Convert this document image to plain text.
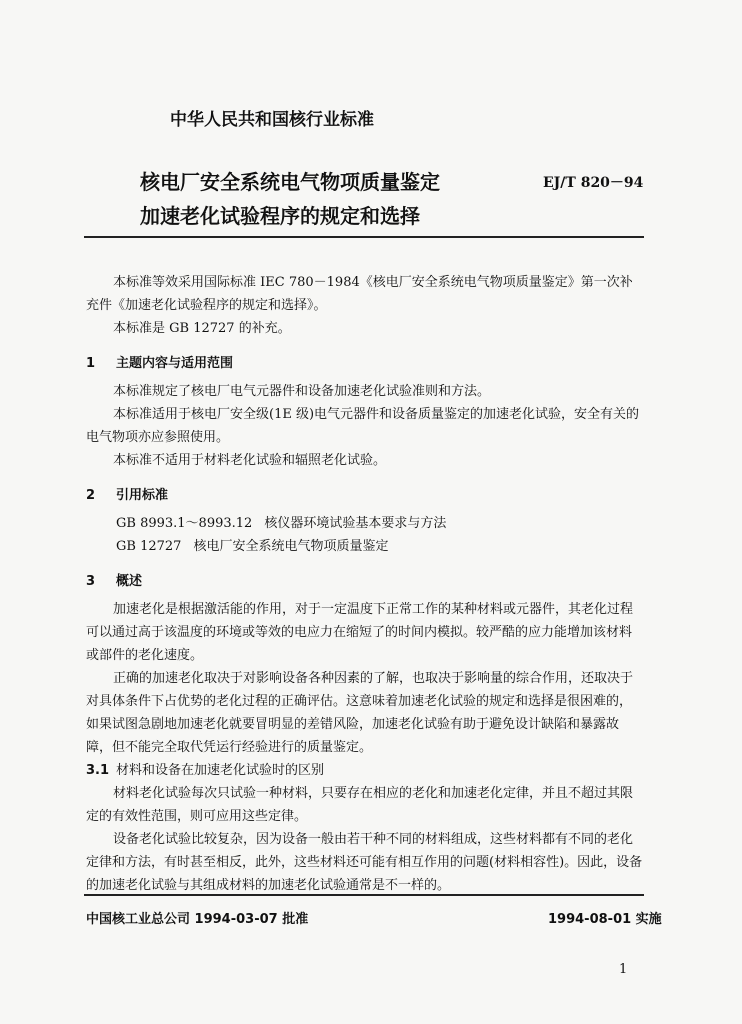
中华人民共和国核行业标准
核电厂安全系统电气物项质量鉴定
加速老化试验程序的规定和选择
EJ/T 820－94
本标准等效采用国际标准 IEC 780－1984《核电厂安全系统电气物项质量鉴定》第一次补充件《加速老化试验程序的规定和选择》。
本标准是 GB 12727 的补充。
1 主题内容与适用范围
本标准规定了核电厂电气元器件和设备加速老化试验准则和方法。
本标准适用于核电厂安全级(1E 级)电气元器件和设备质量鉴定的加速老化试验，安全有关的电气物项亦应参照使用。
本标准不适用于材料老化试验和辐照老化试验。
2 引用标准
GB 8993.1～8993.12 核仪器环境试验基本要求与方法
GB 12727 核电厂安全系统电气物项质量鉴定
3 概述
加速老化是根据激活能的作用，对于一定温度下正常工作的某种材料或元器件，其老化过程可以通过高于该温度的环境或等效的电应力在缩短了的时间内模拟。较严酷的应力能增加该材料或部件的老化速度。
正确的加速老化取决于对影响设备各种因素的了解，也取决于影响量的综合作用，还取决于对具体条件下占优势的老化过程的正确评估。这意味着加速老化试验的规定和选择是很困难的，如果试图急剧地加速老化就要冒明显的差错风险，加速老化试验有助于避免设计缺陷和暴露故障，但不能完全取代凭运行经验进行的质量鉴定。
3.1 材料和设备在加速老化试验时的区别
材料老化试验每次只试验一种材料，只要存在相应的老化和加速老化定律，并且不超过其限定的有效性范围，则可应用这些定律。
设备老化试验比较复杂，因为设备一般由若干种不同的材料组成，这些材料都有不同的老化定律和方法，有时甚至相反，此外，这些材料还可能有相互作用的问题(材料相容性)。因此，设备的加速老化试验与其组成材料的加速老化试验通常是不一样的。
中国核工业总公司 1994-03-07 批准	1994-08-01 实施
1
